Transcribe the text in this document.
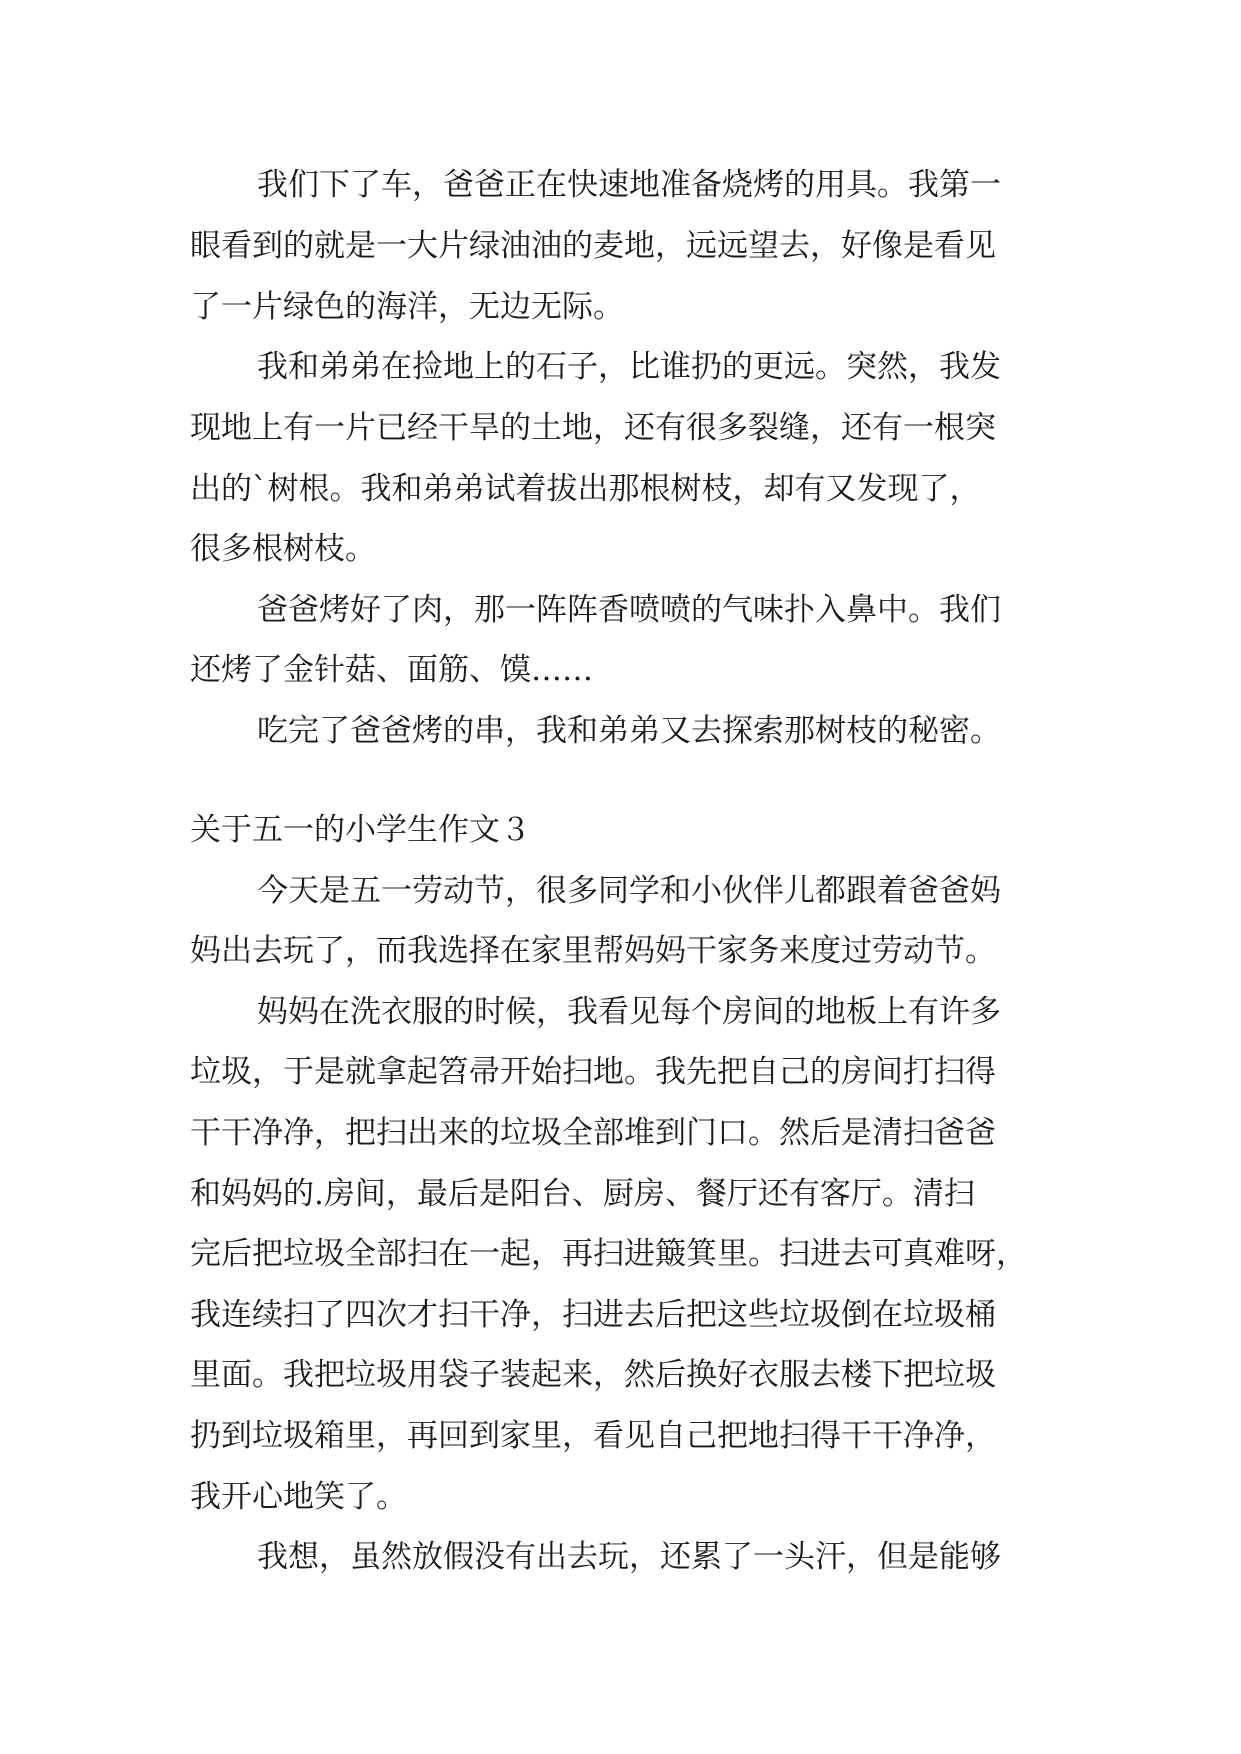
我们下了车，爸爸正在快速地准备烧烤的用具。我第一
眼看到的就是一大片绿油油的麦地，远远望去，好像是看见
了一片绿色的海洋，无边无际。
我和弟弟在捡地上的石子，比谁扔的更远。突然，我发
现地上有一片已经干旱的土地，还有很多裂缝，还有一根突
出的`树根。我和弟弟试着拔出那根树枝，却有又发现了，
很多根树枝。
爸爸烤好了肉，那一阵阵香喷喷的气味扑入鼻中。我们
还烤了金针菇、面筋、馍……
吃完了爸爸烤的串，我和弟弟又去探索那树枝的秘密。
关于五一的小学生作文３
今天是五一劳动节，很多同学和小伙伴儿都跟着爸爸妈
妈出去玩了，而我选择在家里帮妈妈干家务来度过劳动节。
妈妈在洗衣服的时候，我看见每个房间的地板上有许多
垃圾，于是就拿起笤帚开始扫地。我先把自己的房间打扫得
干干净净，把扫出来的垃圾全部堆到门口。然后是清扫爸爸
和妈妈的.房间，最后是阳台、厨房、餐厅还有客厅。清扫
完后把垃圾全部扫在一起，再扫进簸箕里。扫进去可真难呀，
我连续扫了四次才扫干净，扫进去后把这些垃圾倒在垃圾桶
里面。我把垃圾用袋子装起来，然后换好衣服去楼下把垃圾
扔到垃圾箱里，再回到家里，看见自己把地扫得干干净净，
我开心地笑了。
我想，虽然放假没有出去玩，还累了一头汗，但是能够
